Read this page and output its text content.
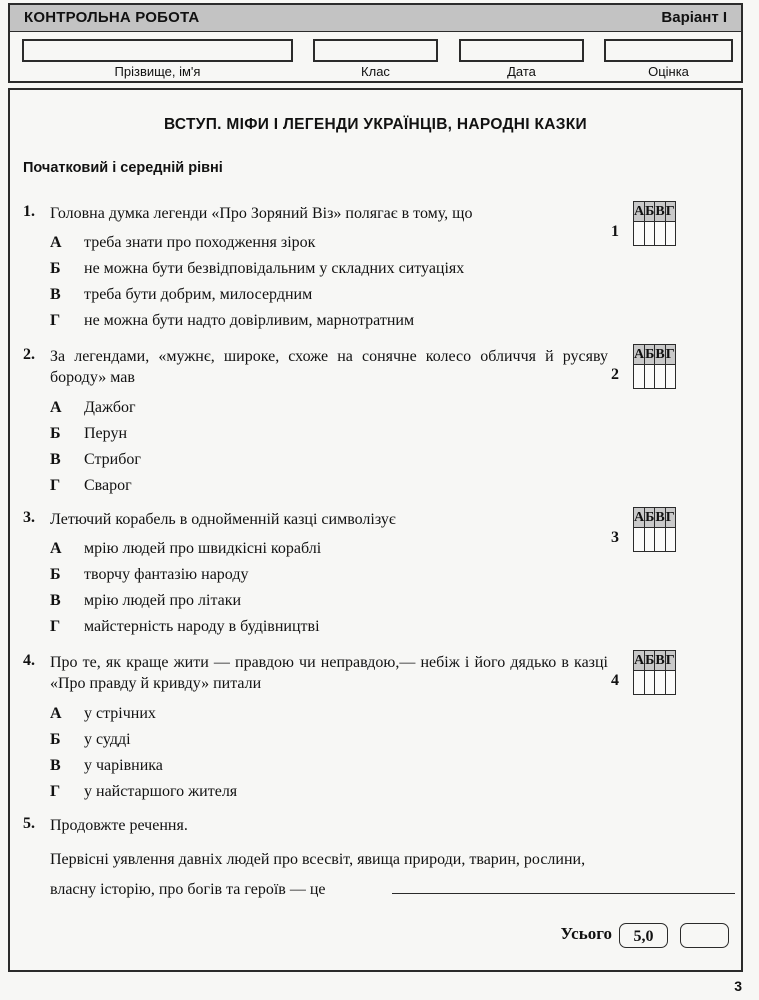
КОНТРОЛЬНА РОБОТА	Варіант I
Прізвище, ім'я	Клас	Дата	Оцінка
ВСТУП. МІФИ І ЛЕГЕНДИ УКРАЇНЦІВ, НАРОДНІ КАЗКИ
Початковий і середній рівні
1. Головна думка легенди «Про Зоряний Віз» полягає в тому, що
А	треба знати про походження зірок
Б	не можна бути безвідповідальним у складних ситуаціях
В	треба бути добрим, милосердним
Г	не можна бути надто довірливим, марнотратним
1
А	Б	В	Г

2. За легендами, «мужнє, широке, схоже на сонячне колесо обличчя й русяву бороду» мав
А	Дажбог
Б	Перун
В	Стрибог
Г	Сварог
2
А	Б	В	Г

3. Летючий корабель в однойменній казці символізує
А	мрію людей про швидкісні кораблі
Б	творчу фантазію народу
В	мрію людей про літаки
Г	майстерність народу в будівництві
3
А	Б	В	Г

4. Про те, як краще жити — правдою чи неправдою,— небіж і його дядько в казці «Про правду й кривду» питали
А	у стрічних
Б	у судді
В	у чарівника
Г	у найстаршого жителя
4
А	Б	В	Г

5. Продовжте речення.
Первісні уявлення давніх людей про всесвіт, явища природи, тварин, рослини,
власну історію, про богів та героїв — це
Усього	5,0
3
